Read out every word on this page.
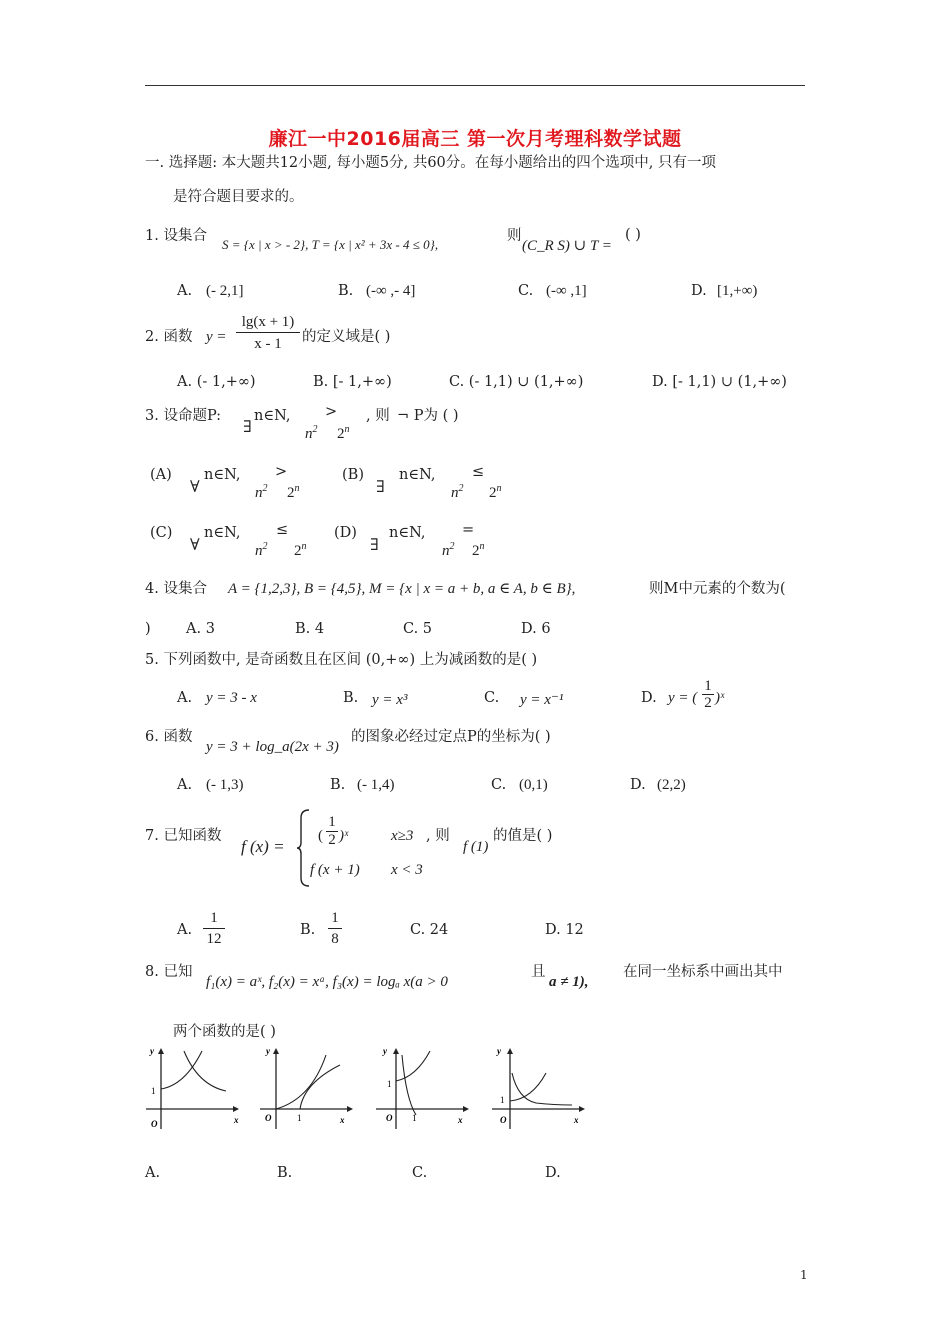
廉江一中2016届高三 第一次月考理科数学试题
一. 选择题: 本大题共12小题, 每小题5分, 共60分。在每小题给出的四个选项中, 只有一项
是符合题目要求的。
1. 设集合
S = {x | x > - 2}, T = {x | x² + 3x - 4 ≤ 0},
则
(C_R S) ∪ T =
( )
A. (- 2,1]	B. (-∞ ,- 4]	C. (-∞ ,1]	D. [1,+∞)
2. 函数 $y = \frac{\lg(x + 1)}{x - 1}$ 的定义域是( )
A. (- 1,+∞)	B. [- 1,+∞)	C. (- 1,1) ∪ (1,+∞)	D. [- 1,1) ∪ (1,+∞)
3. 设命题P:
∃
n∈N,
$n^2$
>
$2^n$
, 则 ¬ P为 ( )
(A)
∀
n∈N,
$n^2$
>
$2^n$
(B)
∃
n∈N,
$n^2$
≤
$2^n$
(C)
∀
n∈N,
$n^2$
≤
$2^n$
(D)
∃
n∈N,
$n^2$
=
$2^n$
4. 设集合 A = {1,2,3}, B = {4,5}, M = {x | x = a + b, a ∈ A, b ∈ B},	则M中元素的个数为(
) A. 3	B. 4	C. 5	D. 6
5. 下列函数中, 是奇函数且在区间 (0,+∞) 上为减函数的是( )
A. y = 3 - x	B. y = x³	C. y = x⁻¹	D. y = ( $\frac{1}{2}$ )ˣ
6. 函数
y = 3 + log_a(2x + 3)
的图象必经过定点P的坐标为( )
A. (- 1,3)	B. (- 1,4)	C. (0,1)	D. (2,2)
7. 已知函数
f (x) =
( $\frac{1}{2}$ )ˣ	x≥3
f (x + 1) x < 3
, 则
f (1)
的值是( )
A. $\frac{1}{12}$	B. $\frac{1}{8}$	C. 24	D. 12
8. 已知
f₁(x) = aˣ, f₂(x) = xᵃ, f₃(x) = logₐ x(a > 0
且
a ≠ 1),
在同一坐标系中画出其中
两个函数的是( )
y
1
O	x
y
1
O	x
y
1
O 1	x
y
1
O	x
A.	B.	C.	D.
1
